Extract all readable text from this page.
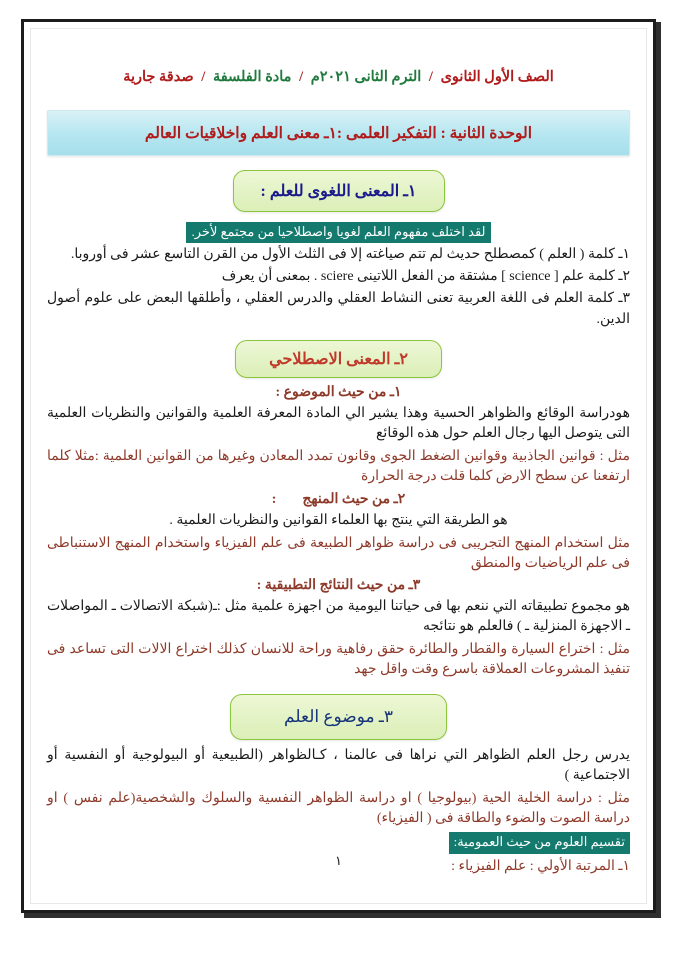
الصف الأول الثانوى / الترم الثانى ٢٠٢١م / مادة الفلسفة / صدقة جارية
الوحدة الثانية : التفكير العلمى :١ـ معنى العلم واخلاقيات العالم
١ـ المعنى اللغوى للعلم :
لقد اختلف مفهوم العلم لغويا واصطلاحيا من مجتمع لأخر.
١ـ كلمة ( العلم ) كمصطلح حديث لم تتم صياغته إلا فى الثلث الأول من القرن التاسع عشر فى أوروبا.
٢ـ كلمة علم [ science ] مشتقة من الفعل اللاتينى sciere . بمعنى أن يعرف
٣ـ كلمة العلم فى اللغة العربية تعنى النشاط العقلي والدرس العقلي ، وأطلقها البعض على علوم أصول الدين.
٢ـ المعنى الاصطلاحي
١ـ من حيث الموضوع :
هودراسة الوقائع والظواهر الحسية وهذا يشير الي المادة المعرفة العلمية والقوانين والنظريات العلمية التى يتوصل اليها رجال العلم حول هذه الوقائع
مثل : قوانين الجاذبية وقوانين الضغط الجوى وقانون تمدد المعادن وغيرها من القوانين العلمية :مثلا كلما ارتفعنا عن سطح الارض كلما قلت درجة الحرارة
٢ـ من حيث المنهج:
هو الطريقة التي ينتج بها العلماء القوانين والنظريات العلمية .
مثل استخدام المنهج التجريبى فى دراسة ظواهر الطبيعة فى علم الفيزياء واستخدام المنهج الاستنباطى فى علم الرياضيات والمنطق
٣ـ من حيث النتائج التطبيقية :
هو مجموع تطبيقاته التي ننعم بها فى حياتنا اليومية من اجهزة علمية مثل :ـ(شبكة الاتصالات ـ المواصلات ـ الاجهزة المنزلية ـ ) فالعلم هو نتائجه
مثل : اختراع السيارة والقطار والطائرة حقق رفاهية وراحة للانسان كذلك اختراع الالات التى تساعد فى تنفيذ المشروعات العملاقة باسرع وقت واقل جهد
٣ـ موضوع العلم
يدرس رجل العلم الظواهر التي نراها فى عالمنا ، كـالظواهر (الطبيعية أو البيولوجية أو النفسية أو الاجتماعية )
مثل : دراسة الخلية الحية (بيولوجيا ) او دراسة الظواهر النفسية والسلوك والشخصية(علم نفس ) او دراسة الصوت والضوء والطاقة فى ( الفيزياء)
تقسيم العلوم من حيث العمومية:
١ـ المرتبة الأولي : علم الفيزياء :
١
